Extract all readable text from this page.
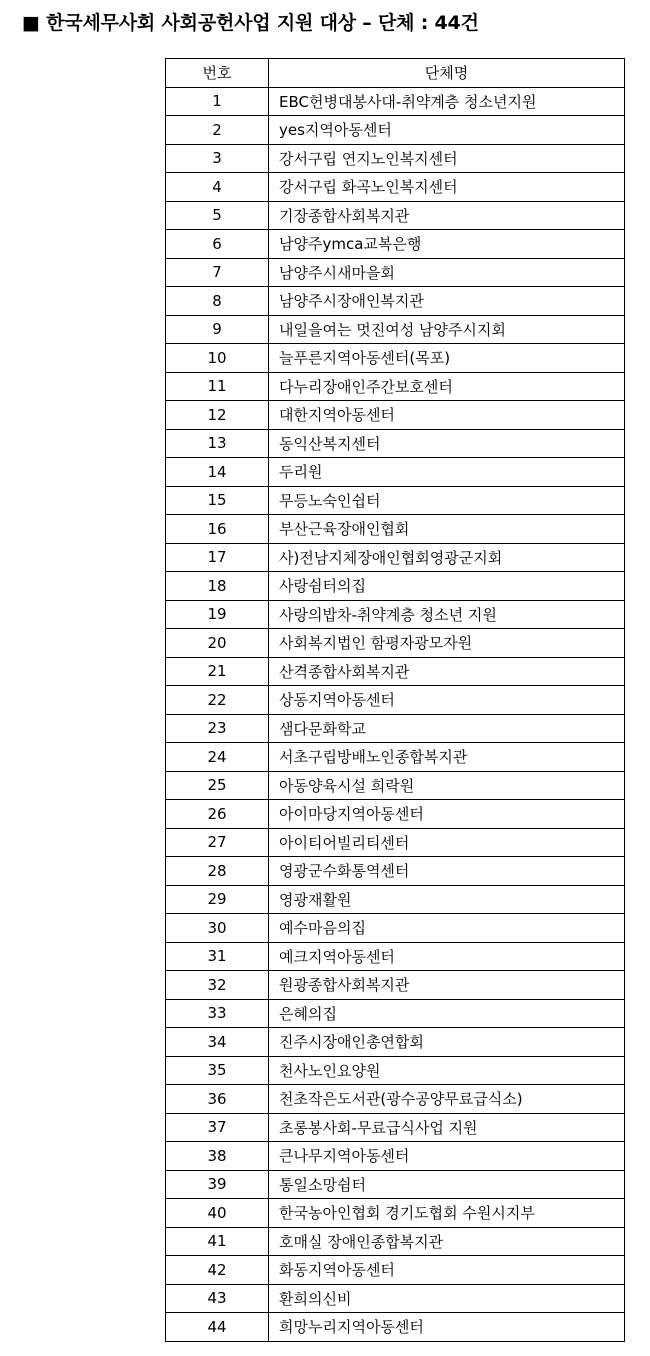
■ 한국세무사회 사회공헌사업 지원 대상 – 단체 : 44건
번호	단체명
1	EBC헌병대봉사대-취약계층 청소년지원
2	yes지역아동센터
3	강서구립 연지노인복지센터
4	강서구립 화곡노인복지센터
5	기장종합사회복지관
6	남양주ymca교복은행
7	남양주시새마을회
8	남양주시장애인복지관
9	내일을여는 멋진여성 남양주시지회
10	늘푸른지역아동센터(목포)
11	다누리장애인주간보호센터
12	대한지역아동센터
13	동익산복지센터
14	두리원
15	무등노숙인쉽터
16	부산근육장애인협회
17	사)전남지체장애인협회영광군지회
18	사랑쉼터의집
19	사랑의밥차-취약계층 청소년 지원
20	사회복지법인 함평자광모자원
21	산격종합사회복지관
22	상동지역아동센터
23	샘다문화학교
24	서초구립방배노인종합복지관
25	아동양육시설 희락원
26	아이마당지역아동센터
27	아이티어빌리티센터
28	영광군수화통역센터
29	영광재활원
30	예수마음의집
31	예크지역아동센터
32	원광종합사회복지관
33	은혜의집
34	진주시장애인총연합회
35	천사노인요양원
36	천초작은도서관(광수공양무료급식소)
37	초롱봉사회-무료급식사업 지원
38	큰나무지역아동센터
39	통일소망쉼터
40	한국농아인협회 경기도협회 수원시지부
41	호매실 장애인종합복지관
42	화동지역아동센터
43	환희의신비
44	희망누리지역아동센터
